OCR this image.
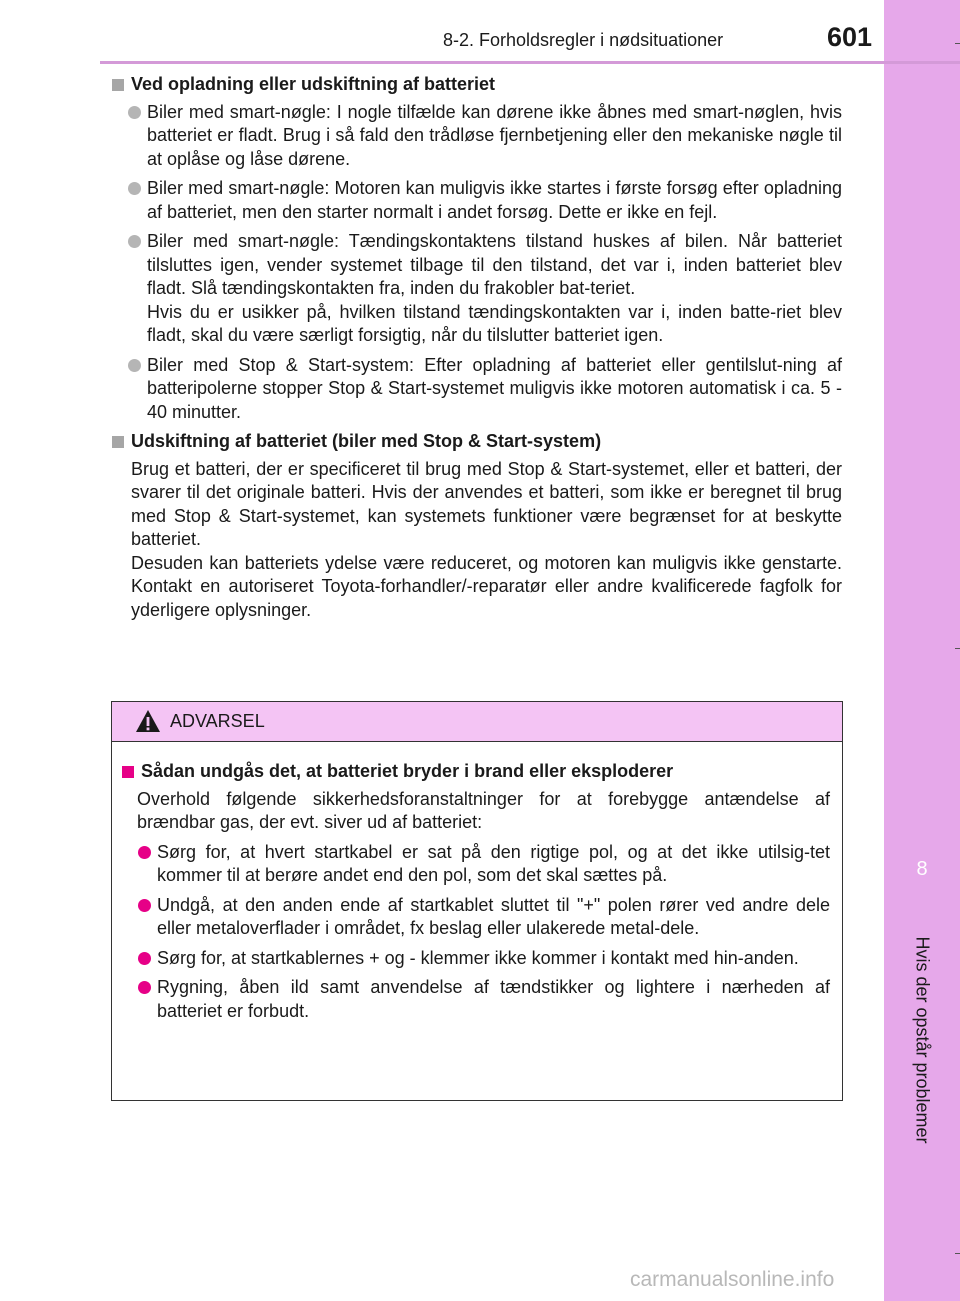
8
Hvis der opstår problemer
8-2. Forholdsregler i nødsituationer	601
Ved opladning eller udskiftning af batteriet
Biler med smart-nøgle: I nogle tilfælde kan dørene ikke åbnes med smart-nøglen, hvis batteriet er fladt. Brug i så fald den trådløse fjernbetjening eller den mekaniske nøgle til at oplåse og låse dørene.
Biler med smart-nøgle: Motoren kan muligvis ikke startes i første forsøg efter opladning af batteriet, men den starter normalt i andet forsøg. Dette er ikke en fejl.
Biler med smart-nøgle: Tændingskontaktens tilstand huskes af bilen. Når batteriet tilsluttes igen, vender systemet tilbage til den tilstand, det var i, inden batteriet blev fladt. Slå tændingskontakten fra, inden du frakobler bat-teriet.
Hvis du er usikker på, hvilken tilstand tændingskontakten var i, inden batte-riet blev fladt, skal du være særligt forsigtig, når du tilslutter batteriet igen.
Biler med Stop & Start-system: Efter opladning af batteriet eller gentilslut-ning af batteripolerne stopper Stop & Start-systemet muligvis ikke motoren automatisk i ca. 5 - 40 minutter.
Udskiftning af batteriet (biler med Stop & Start-system)
Brug et batteri, der er specificeret til brug med Stop & Start-systemet, eller et batteri, der svarer til det originale batteri. Hvis der anvendes et batteri, som ikke er beregnet til brug med Stop & Start-systemet, kan systemets funktioner være begrænset for at beskytte batteriet.
Desuden kan batteriets ydelse være reduceret, og motoren kan muligvis ikke genstarte. Kontakt en autoriseret Toyota-forhandler/-reparatør eller andre kvalificerede fagfolk for yderligere oplysninger.
ADVARSEL
Sådan undgås det, at batteriet bryder i brand eller eksploderer
Overhold følgende sikkerhedsforanstaltninger for at forebygge antændelse af brændbar gas, der evt. siver ud af batteriet:
Sørg for, at hvert startkabel er sat på den rigtige pol, og at det ikke utilsig-tet kommer til at berøre andet end den pol, som det skal sættes på.
Undgå, at den anden ende af startkablet sluttet til "+" polen rører ved andre dele eller metaloverflader i området, fx beslag eller ulakerede metal-dele.
Sørg for, at startkablernes + og - klemmer ikke kommer i kontakt med hin-anden.
Rygning, åben ild samt anvendelse af tændstikker og lightere i nærheden af batteriet er forbudt.
carmanualsonline.info
